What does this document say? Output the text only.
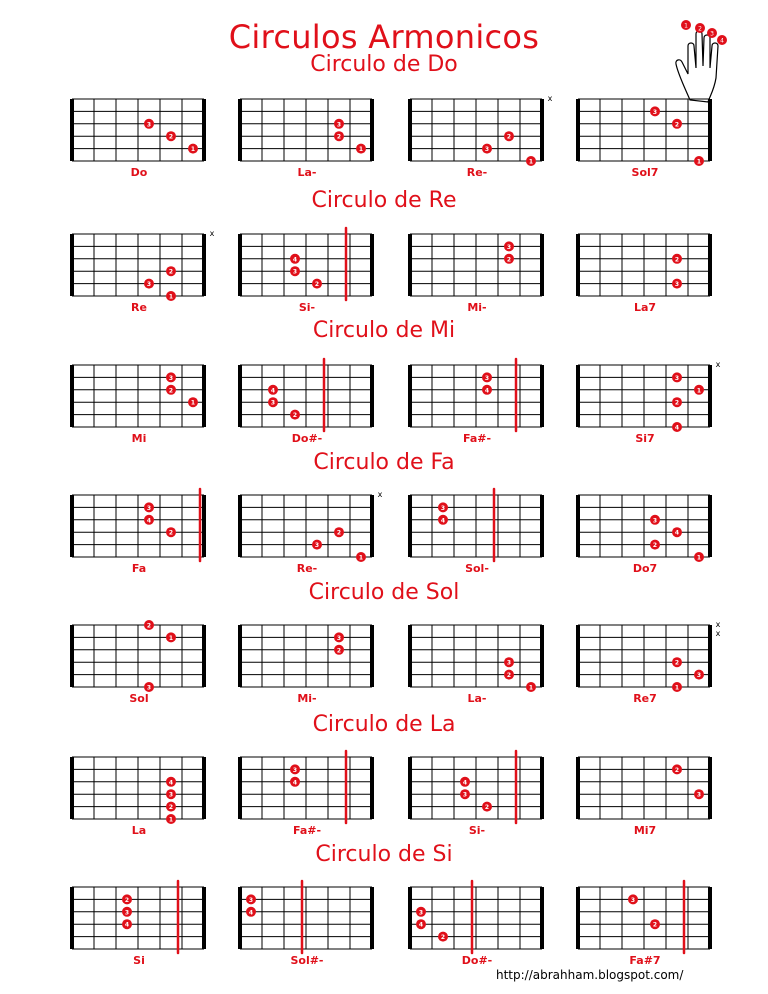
Circulos Armonicos	1 2
3
4
Circulo de Do
3
2
1
Do
3
2
1
La-
3
2
1
x
Re-
3
2
1
Sol7
Circulo de Re
3
2
1
x
Re
4
3
2
Si-
3
2
Mi-
2
3
La7
Circulo de Mi
3
2
1
Mi
4
3
2
Do#-
3
4
Fa#-
3
1
2
4
x
Si7
Circulo de Fa
3
4
2
Fa
3
2
1
x
Re-
3
4
Sol-
3
4
2
1
Do7
Circulo de Sol
2
1
3
Sol
3
2
Mi-
3
2
1
La-
2
3
1
x
x
Re7
Circulo de La
4
3
2
1
La
3
4
Fa#-
4
3
2
Si-
2
3
Mi7
Circulo de Si
2
3
4
Si
3
4
Sol#-
3
4
2
Do#-
3
2
Fa#7
http://abrahham.blogspot.com/
